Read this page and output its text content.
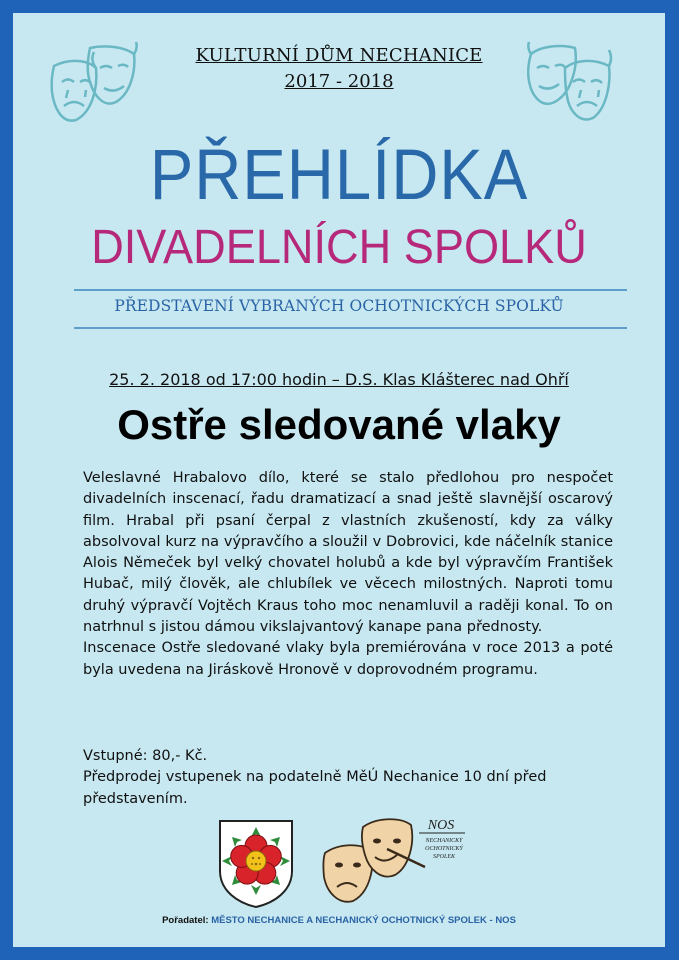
KULTURNÍ DŮM NECHANICE
2017 - 2018
PŘEHLÍDKA
DIVADELNÍCH SPOLKŮ
PŘEDSTAVENÍ VYBRANÝCH OCHOTNICKÝCH SPOLKŮ
25. 2. 2018 od 17:00 hodin – D.S. Klas Klášterec nad Ohří
Ostře sledované vlaky

Veleslavné Hrabalovo dílo, které se stalo předlohou pro nespočet divadelních inscenací, řadu dramatizací a snad ještě slavnější oscarový film. Hrabal při psaní čerpal z vlastních zkušeností, kdy za války absolvoval kurz na výpravčího a sloužil v Dobrovici, kde náčelník stanice Alois Němeček byl velký chovatel holubů a kde byl výpravčím František Hubač, milý člověk, ale chlubílek ve věcech milostných. Naproti tomu druhý výpravčí Vojtěch Kraus toho moc nenamluvil a raději konal. To on natrhnul s jistou dámou vikslajvantový kanape pana přednosty.

Inscenace Ostře sledované vlaky byla premiérována v roce 2013 a poté byla uvedena na Jiráskově Hronově v doprovodném programu.

Vstupné: 80,- Kč.

Předprodej vstupenek na podatelně MěÚ Nechanice 10 dní před představením.

NOS
NECHANICKÝ OCHOTNICKÝ SPOLEK
Pořadatel: MĚSTO NECHANICE A NECHANICKÝ OCHOTNICKÝ SPOLEK - NOS
